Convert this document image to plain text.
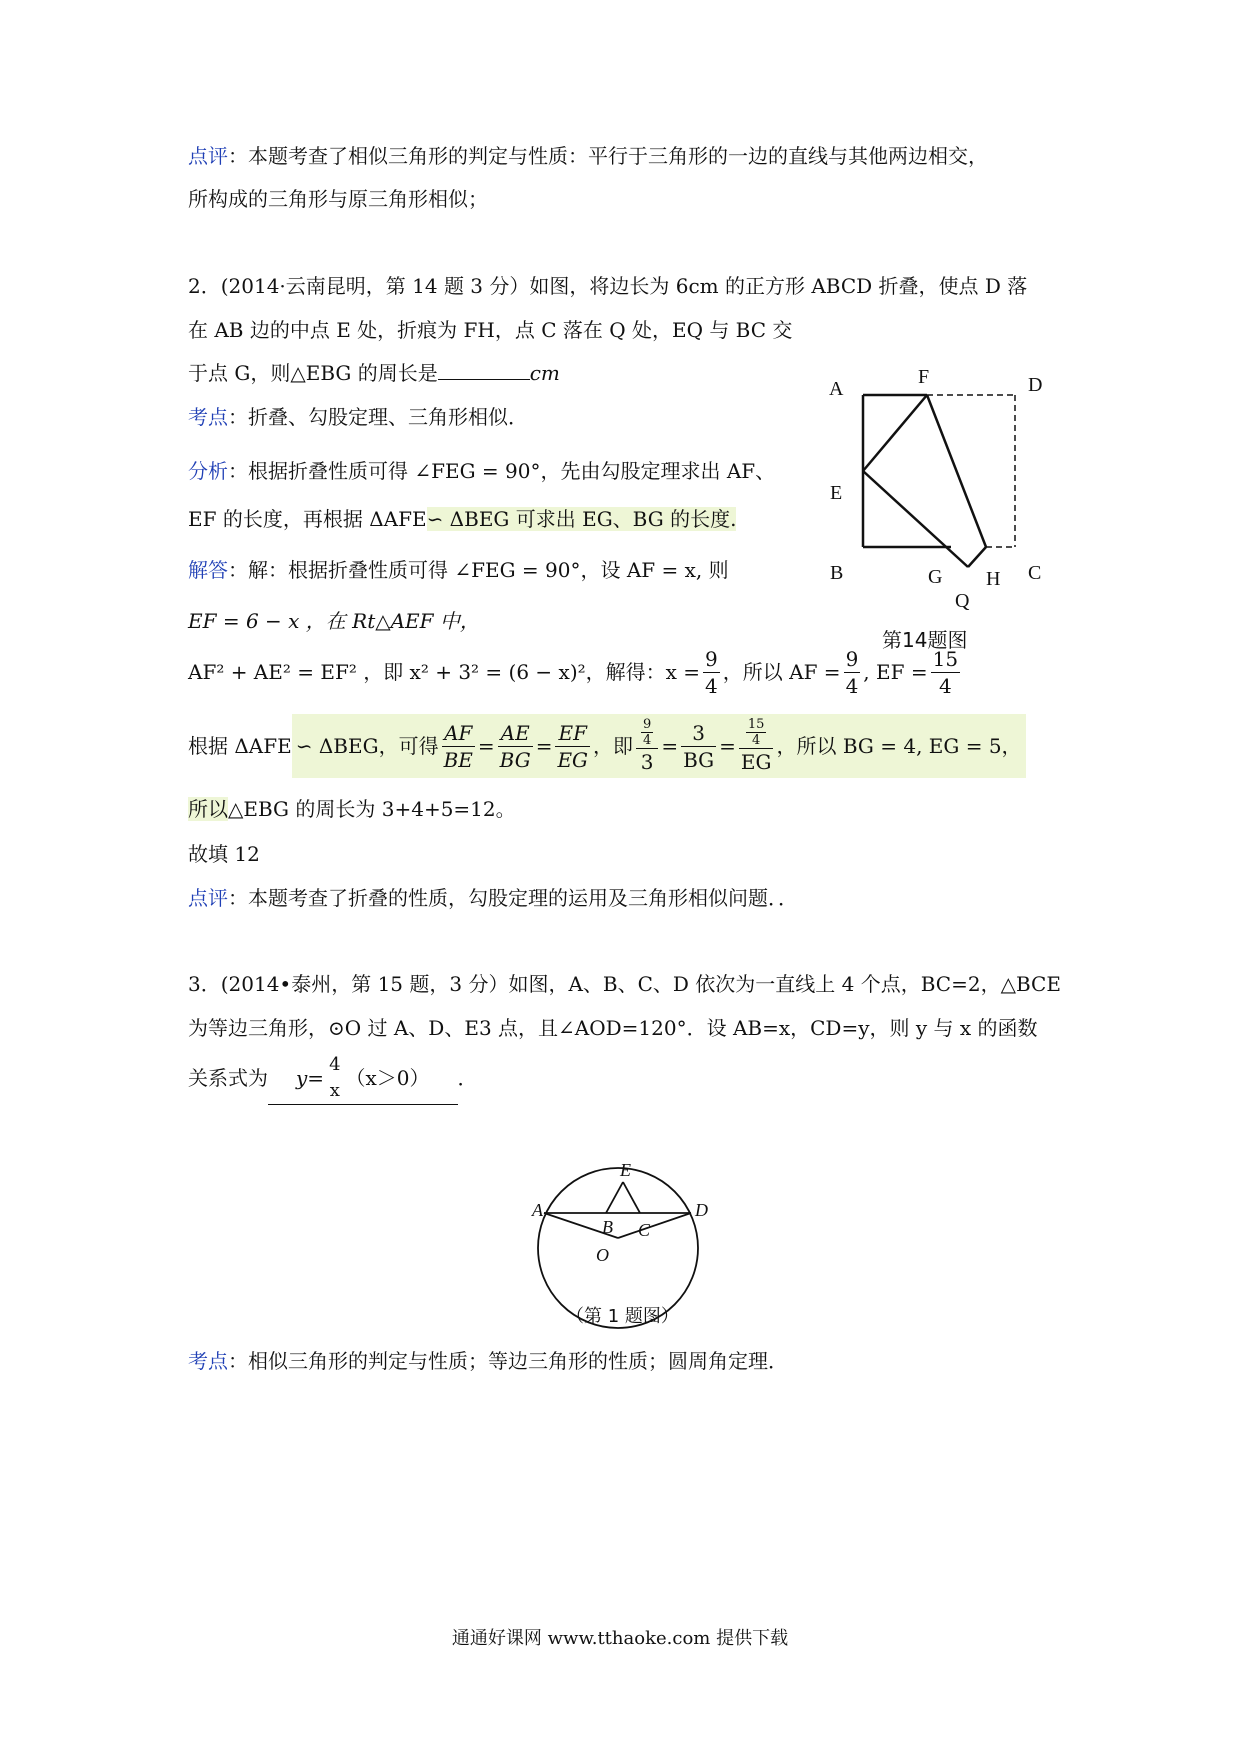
点评：本题考查了相似三角形的判定与性质：平行于三角形的一边的直线与其他两边相交，
所构成的三角形与原三角形相似；
2．(2014·云南昆明，第 14 题 3 分）如图，将边长为 6cm 的正方形 ABCD 折叠，使点 D 落
在 AB 边的中点 E 处，折痕为 FH，点 C 落在 Q 处，EQ 与 BC 交
于点 G，则△EBG 的周长是	cm
考点：折叠、勾股定理、三角形相似．
分析：根据折叠性质可得 ∠FEG = 90°，先由勾股定理求出 AF、
EF 的长度，再根据 ΔAFE∽ ΔBEG 可求出 EG、BG 的长度.
解答：解：根据折叠性质可得 ∠FEG = 90°，设 AF = x, 则
EF = 6 − x ，在 Rt△AEF 中，
AF² + AE² = EF² ，即 x² + 3² = (6 − x)²，解得：$x = \frac{9}{4}$ ，所以 AF = $\frac{9}{4}$ , EF = $\frac{15}{4}$
根据 ΔAFE ∽ ΔBEG，可得 $\frac{AF}{BE} = \frac{AE}{BG} = \frac{EF}{EG}$ ，即 $\frac{\frac{9}{4}}{3} = \frac{3}{BG} = \frac{\frac{15}{4}}{EG}$ ，所以 BG = 4, EG = 5，
所以△EBG 的周长为 3+4+5=12。
故填 12
点评：本题考查了折叠的性质，勾股定理的运用及三角形相似问题．．
A
F	D
E
B	G H C
Q
第14题图
3．(2014•泰州，第 15 题，3 分）如图，A、B、C、D 依次为一直线上 4 个点，BC=2，△BCE
为等边三角形，⊙O 过 A、D、E3 点，且∠AOD=120°．设 AB=x，CD=y，则 y 与 x 的函数
关系式为 y=
4
x
（x＞0） ．
E
A	D
B C
O
（第 1 题图）
考点：相似三角形的判定与性质；等边三角形的性质；圆周角定理．
通通好课网 www.tthaoke.com 提供下载
